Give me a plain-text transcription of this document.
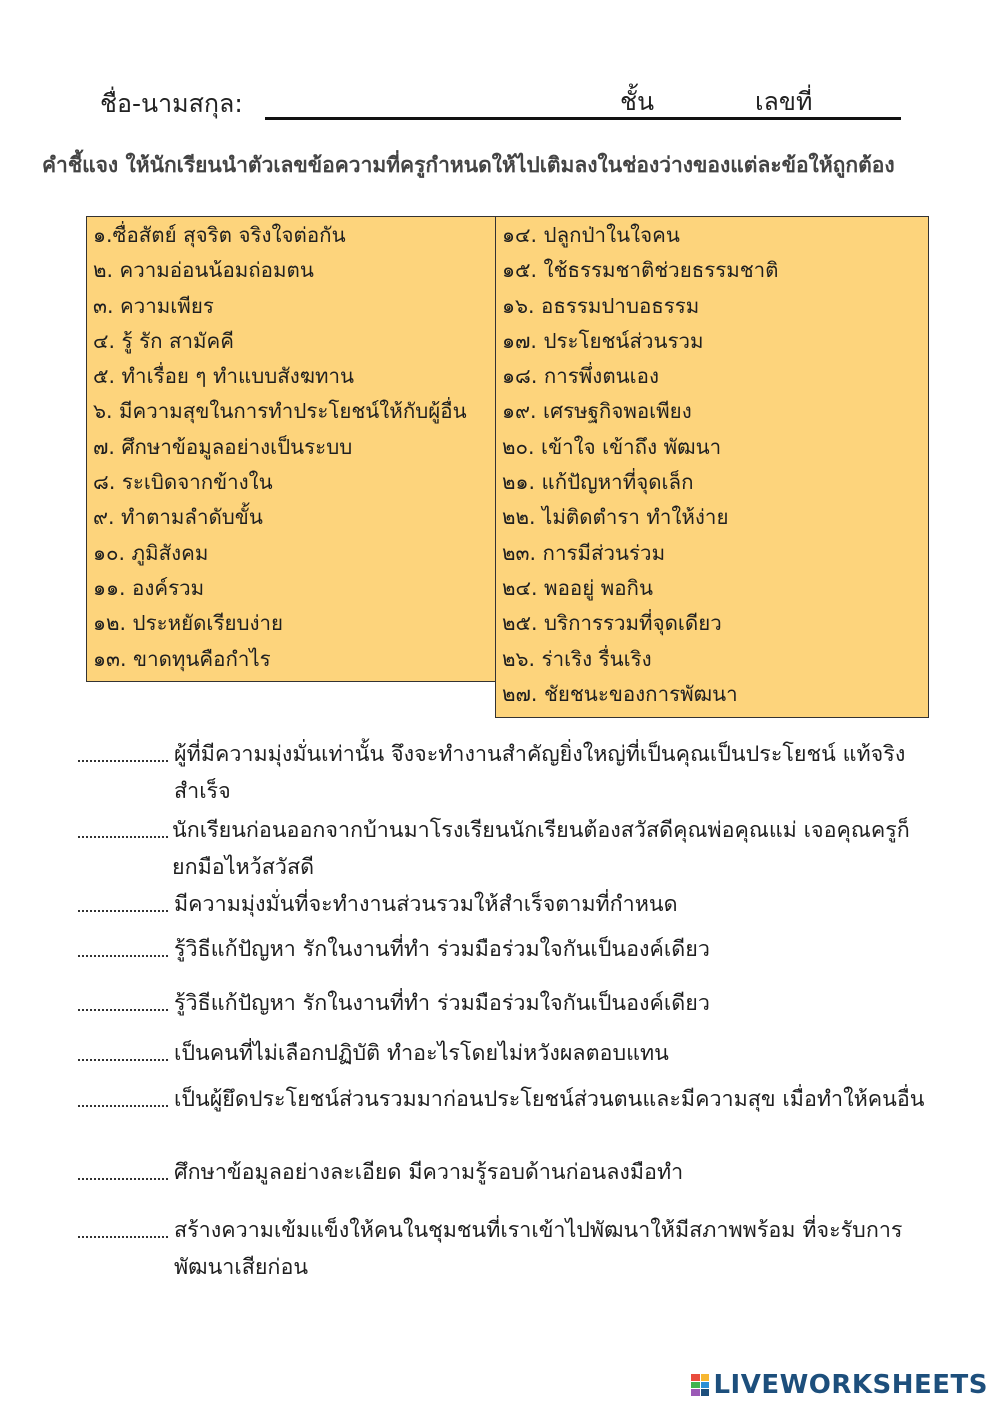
ชื่อ-นามสกุล:	ชั้น	เลขที่
คำชี้แจง ให้นักเรียนนำตัวเลขข้อความที่ครูกำหนดให้ไปเติมลงในช่องว่างของแต่ละข้อให้ถูกต้อง
๑.ซื่อสัตย์ สุจริต จริงใจต่อกัน
๒. ความอ่อนน้อมถ่อมตน
๓. ความเพียร
๔. รู้ รัก สามัคคี
๕. ทำเรื่อย ๆ ทำแบบสังฆทาน
๖. มีความสุขในการทำประโยชน์ให้กับผู้อื่น
๗. ศึกษาข้อมูลอย่างเป็นระบบ
๘. ระเบิดจากข้างใน
๙. ทำตามลำดับขั้น
๑๐. ภูมิสังคม
๑๑. องค์รวม
๑๒. ประหยัดเรียบง่าย
๑๓. ขาดทุนคือกำไร
๑๔. ปลูกป่าในใจคน
๑๕. ใช้ธรรมชาติช่วยธรรมชาติ
๑๖. อธรรมปาบอธรรม
๑๗. ประโยชน์ส่วนรวม
๑๘. การพึ่งตนเอง
๑๙. เศรษฐกิจพอเพียง
๒๐. เข้าใจ เข้าถึง พัฒนา
๒๑. แก้ปัญหาที่จุดเล็ก
๒๒. ไม่ติดตำรา ทำให้ง่าย
๒๓. การมีส่วนร่วม
๒๔. พออยู่ พอกิน
๒๕. บริการรวมที่จุดเดียว
๒๖. ร่าเริง รื่นเริง
๒๗. ชัยชนะของการพัฒนา
ผู้ที่มีความมุ่งมั่นเท่านั้น จึงจะทำงานสำคัญยิ่งใหญ่ที่เป็นคุณเป็นประโยชน์ แท้จริงสำเร็จ
นักเรียนก่อนออกจากบ้านมาโรงเรียนนักเรียนต้องสวัสดีคุณพ่อคุณแม่ เจอคุณครูก็ยกมือไหว้สวัสดี
มีความมุ่งมั่นที่จะทำงานส่วนรวมให้สำเร็จตามที่กำหนด
รู้วิธีแก้ปัญหา รักในงานที่ทำ ร่วมมือร่วมใจกันเป็นองค์เดียว
รู้วิธีแก้ปัญหา รักในงานที่ทำ ร่วมมือร่วมใจกันเป็นองค์เดียว
เป็นคนที่ไม่เลือกปฏิบัติ ทำอะไรโดยไม่หวังผลตอบแทน
เป็นผู้ยึดประโยชน์ส่วนรวมมาก่อนประโยชน์ส่วนตนและมีความสุข เมื่อทำให้คนอื่น
ศึกษาข้อมูลอย่างละเอียด มีความรู้รอบด้านก่อนลงมือทำ
สร้างความเข้มแข็งให้คนในชุมชนที่เราเข้าไปพัฒนาให้มีสภาพพร้อม ที่จะรับการพัฒนาเสียก่อน
LIVEWORKSHEETS
